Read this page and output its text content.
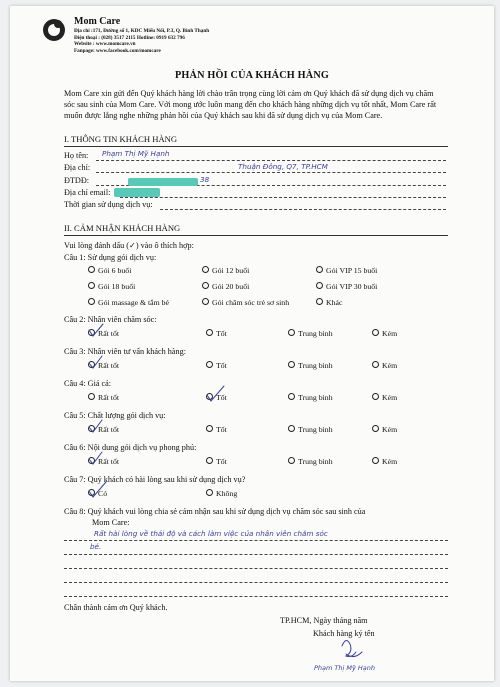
Mom Care
Địa chỉ :171, Đường số 1, KDC Miếu Nổi, P.3, Q. Bình Thạnh
Điện thoại : (028) 3517 2115 Hotline: 0919 632 796
Website : www.momcare.vn
Fanpage: www.facebook.com/momcare
PHẢN HỒI CỦA KHÁCH HÀNG
Mom Care xin gửi đến Quý khách hàng lời chào trân trọng cùng lời cảm ơn Quý khách đã sử dụng dịch vụ chăm sóc sau sinh của Mom Care. Với mong ước luôn mang đến cho khách hàng những dịch vụ tốt nhất, Mom Care rất muốn được lắng nghe những phản hồi của Quý khách sau khi đã sử dụng dịch vụ của Mom Care.
I. THÔNG TIN KHÁCH HÀNG
Họ tên: Phạm Thị Mỹ Hạnh
Địa chỉ:	Thuận Đông, Q7, TP.HCM
ĐTDĐ:	38
Địa chỉ email:
Thời gian sử dụng dịch vụ:
II. CẢM NHẬN KHÁCH HÀNG
Vui lòng đánh dấu (✓) vào ô thích hợp:
Câu 1: Sử dụng gói dịch vụ:
Gói 6 buổi	Gói 12 buổi	Gói VIP 15 buổi
Gói 18 buổi	Gói 20 buổi	Gói VIP 30 buổi
Gói massage & tắm bé	Gói chăm sóc trẻ sơ sinh	Khác
Câu 2: Nhân viên chăm sóc:
Rất tốt	Tốt	Trung bình	Kém
Câu 3: Nhân viên tư vấn khách hàng:
Rất tốt	Tốt	Trung bình	Kém
Câu 4: Giá cả:
Rất tốt	Tốt	Trung bình	Kém
Câu 5: Chất lượng gói dịch vụ:
Rất tốt	Tốt	Trung bình	Kém
Câu 6: Nội dung gói dịch vụ phong phú:
Rất tốt	Tốt	Trung bình	Kém
Câu 7: Quý khách có hài lòng sau khi sử dụng dịch vụ?
Có	Không
Câu 8: Quý khách vui lòng chia sẻ cảm nhận sau khi sử dụng dịch vụ chăm sóc sau sinh của
Mom Care:
Rất hài lòng về thái độ và cách làm việc của nhân viên chăm sóc
bé.
Chân thành cảm ơn Quý khách.
TP.HCM, Ngày tháng năm
Khách hàng ký tên
Phạm Thị Mỹ Hạnh
